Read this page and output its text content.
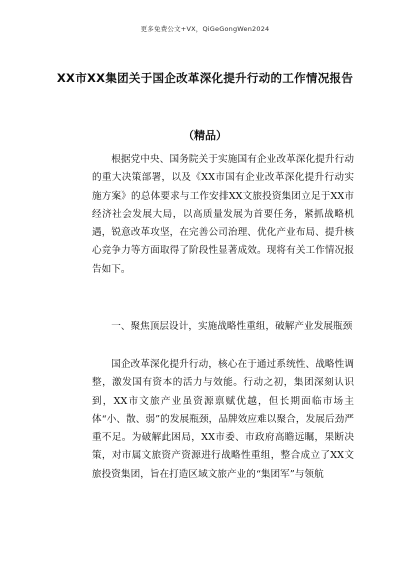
更多免费公文+VX，QiGeGongWen2024
XX市XX集团关于国企改革深化提升行动的工作情况报告
（精品）

根据党中央、国务院关于实施国有企业改革深化提升行动的重大决策部署，以及《XX市国有企业改革深化提升行动实施方案》的总体要求与工作安排XX文旅投资集团立足于XX市经济社会发展大局，以高质量发展为首要任务，紧抓战略机遇，锐意改革攻坚，在完善公司治理、优化产业布局、提升核心竞争力等方面取得了阶段性显著成效。现将有关工作情况报告如下。

一、聚焦顶层设计，实施战略性重组，破解产业发展瓶颈

国企改革深化提升行动，核心在于通过系统性、战略性调整，激发国有资本的活力与效能。行动之初，集团深刻认识到，XX市文旅产业虽资源禀赋优越，但长期面临市场主体“小、散、弱”的发展瓶颈，品牌效应难以聚合，发展后劲严重不足。为破解此困局，XX市委、市政府高瞻远瞩，果断决策，对市属文旅资产资源进行战略性重组，整合成立了XX文旅投资集团，旨在打造区域文旅产业的“集团军”与领航
